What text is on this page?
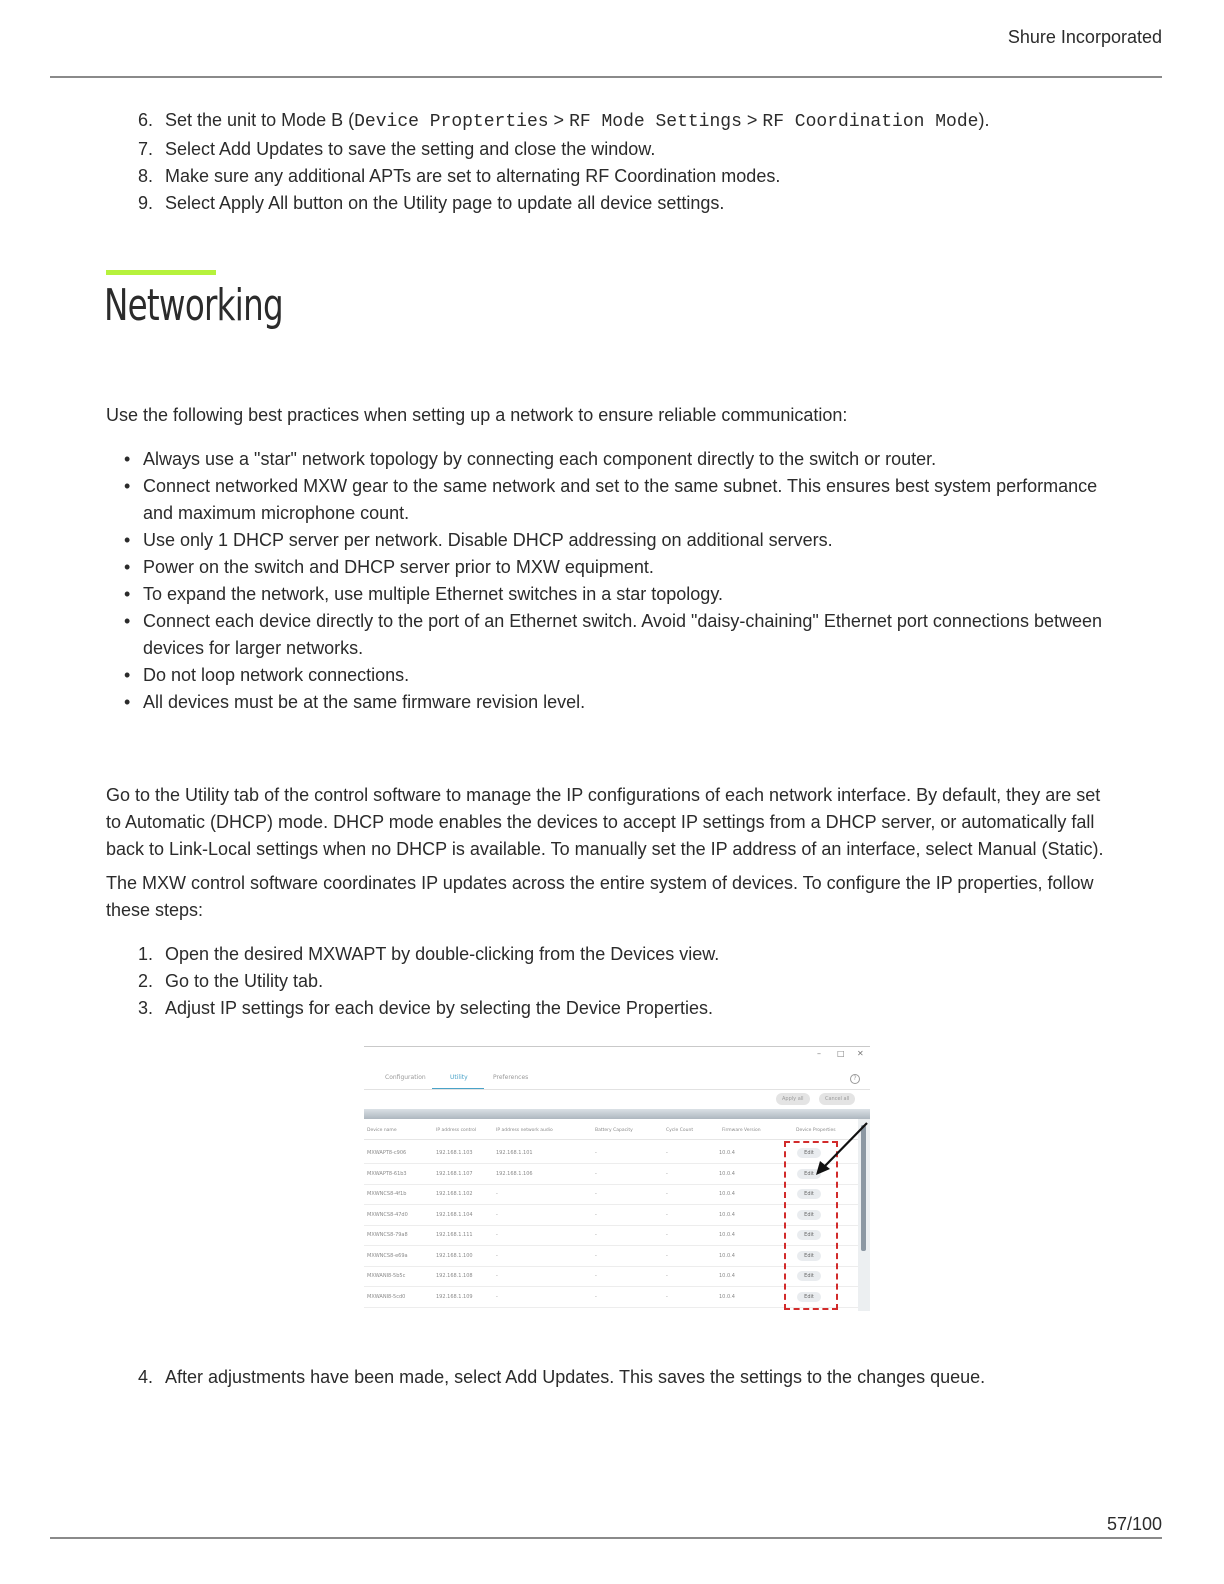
Shure Incorporated
6. Set the unit to Mode B (Device Propterties > RF Mode Settings > RF Coordination Mode).
7. Select Add Updates to save the setting and close the window.
8. Make sure any additional APTs are set to alternating RF Coordination modes.
9. Select Apply All button on the Utility page to update all device settings.
Networking

Use the following best practices when setting up a network to ensure reliable communication:

• Always use a "star" network topology by connecting each component directly to the switch or router.
• Connect networked MXW gear to the same network and set to the same subnet. This ensures best system performance and maximum microphone count.
• Use only 1 DHCP server per network. Disable DHCP addressing on additional servers.
• Power on the switch and DHCP server prior to MXW equipment.
• To expand the network, use multiple Ethernet switches in a star topology.
• Connect each device directly to the port of an Ethernet switch. Avoid "daisy-chaining" Ethernet port connections between devices for larger networks.
• Do not loop network connections.
• All devices must be at the same firmware revision level.

Go to the Utility tab of the control software to manage the IP configurations of each network interface. By default, they are set to Automatic (DHCP) mode. DHCP mode enables the devices to accept IP settings from a DHCP server, or automatically fall back to Link-Local settings when no DHCP is available. To manually set the IP address of an interface, select Manual (Static).

The MXW control software coordinates IP updates across the entire system of devices. To configure the IP properties, follow these steps:

1. Open the desired MXWAPT by double-clicking from the Devices view.
2. Go to the Utility tab.
3. Adjust IP settings for each device by selecting the Device Properties.
– □ ✕
Configuration	Utility	Preferences	?
Apply all	Cancel all
Device name	IP address control	IP address network audio	Battery Capacity	Cycle Count	Firmware Version	Device Properties
MXWAPT8-c906	192.168.1.103	192.168.1.101	-	-	10.0.4	Edit
MXWAPT8-61b3	192.168.1.107	192.168.1.106	-	-	10.0.4	Edit
MXWNCS8-4f1b	192.168.1.102	-	-	-	10.0.4	Edit
MXWNCS8-47d0	192.168.1.104	-	-	-	10.0.4	Edit
MXWNCS8-79a8	192.168.1.111	-	-	-	10.0.4	Edit
MXWNCS8-e69a	192.168.1.100	-	-	-	10.0.4	Edit
MXWANI8-5b5c	192.168.1.108	-	-	-	10.0.4	Edit
MXWANI8-5cd0	192.168.1.109	-	-	-	10.0.4	Edit
4. After adjustments have been made, select Add Updates. This saves the settings to the changes queue.
57/100
